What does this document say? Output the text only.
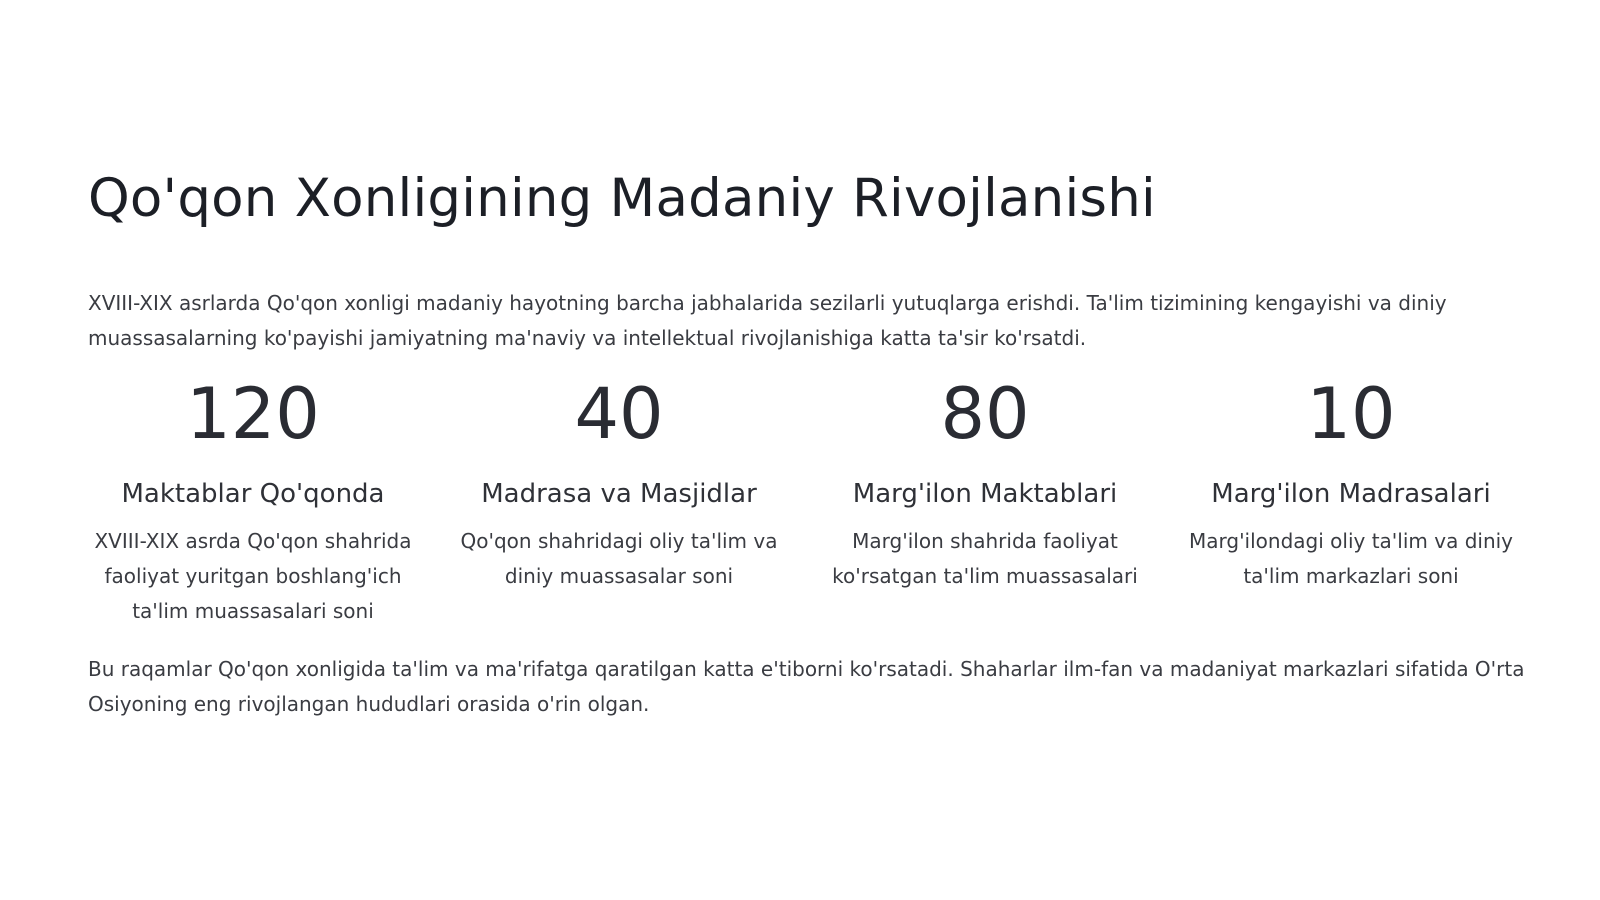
Qo'qon Xonligining Madaniy Rivojlanishi

XVIII-XIX asrlarda Qo'qon xonligi madaniy hayotning barcha jabhalarida sezilarli yutuqlarga erishdi. Ta'lim tizimining kengayishi va diniy muassasalarning ko'payishi jamiyatning ma'naviy va intellektual rivojlanishiga katta ta'sir ko'rsatdi.

120
Maktablar Qo'qonda
XVIII-XIX asrda Qo'qon shahrida faoliyat yuritgan boshlang'ich ta'lim muassasalari soni
40
Madrasa va Masjidlar
Qo'qon shahridagi oliy ta'lim va diniy muassasalar soni
80
Marg'ilon Maktablari
Marg'ilon shahrida faoliyat ko'rsatgan ta'lim muassasalari
10
Marg'ilon Madrasalari
Marg'ilondagi oliy ta'lim va diniy ta'lim markazlari soni

Bu raqamlar Qo'qon xonligida ta'lim va ma'rifatga qaratilgan katta e'tiborni ko'rsatadi. Shaharlar ilm-fan va madaniyat markazlari sifatida O'rta Osiyoning eng rivojlangan hududlari orasida o'rin olgan.
